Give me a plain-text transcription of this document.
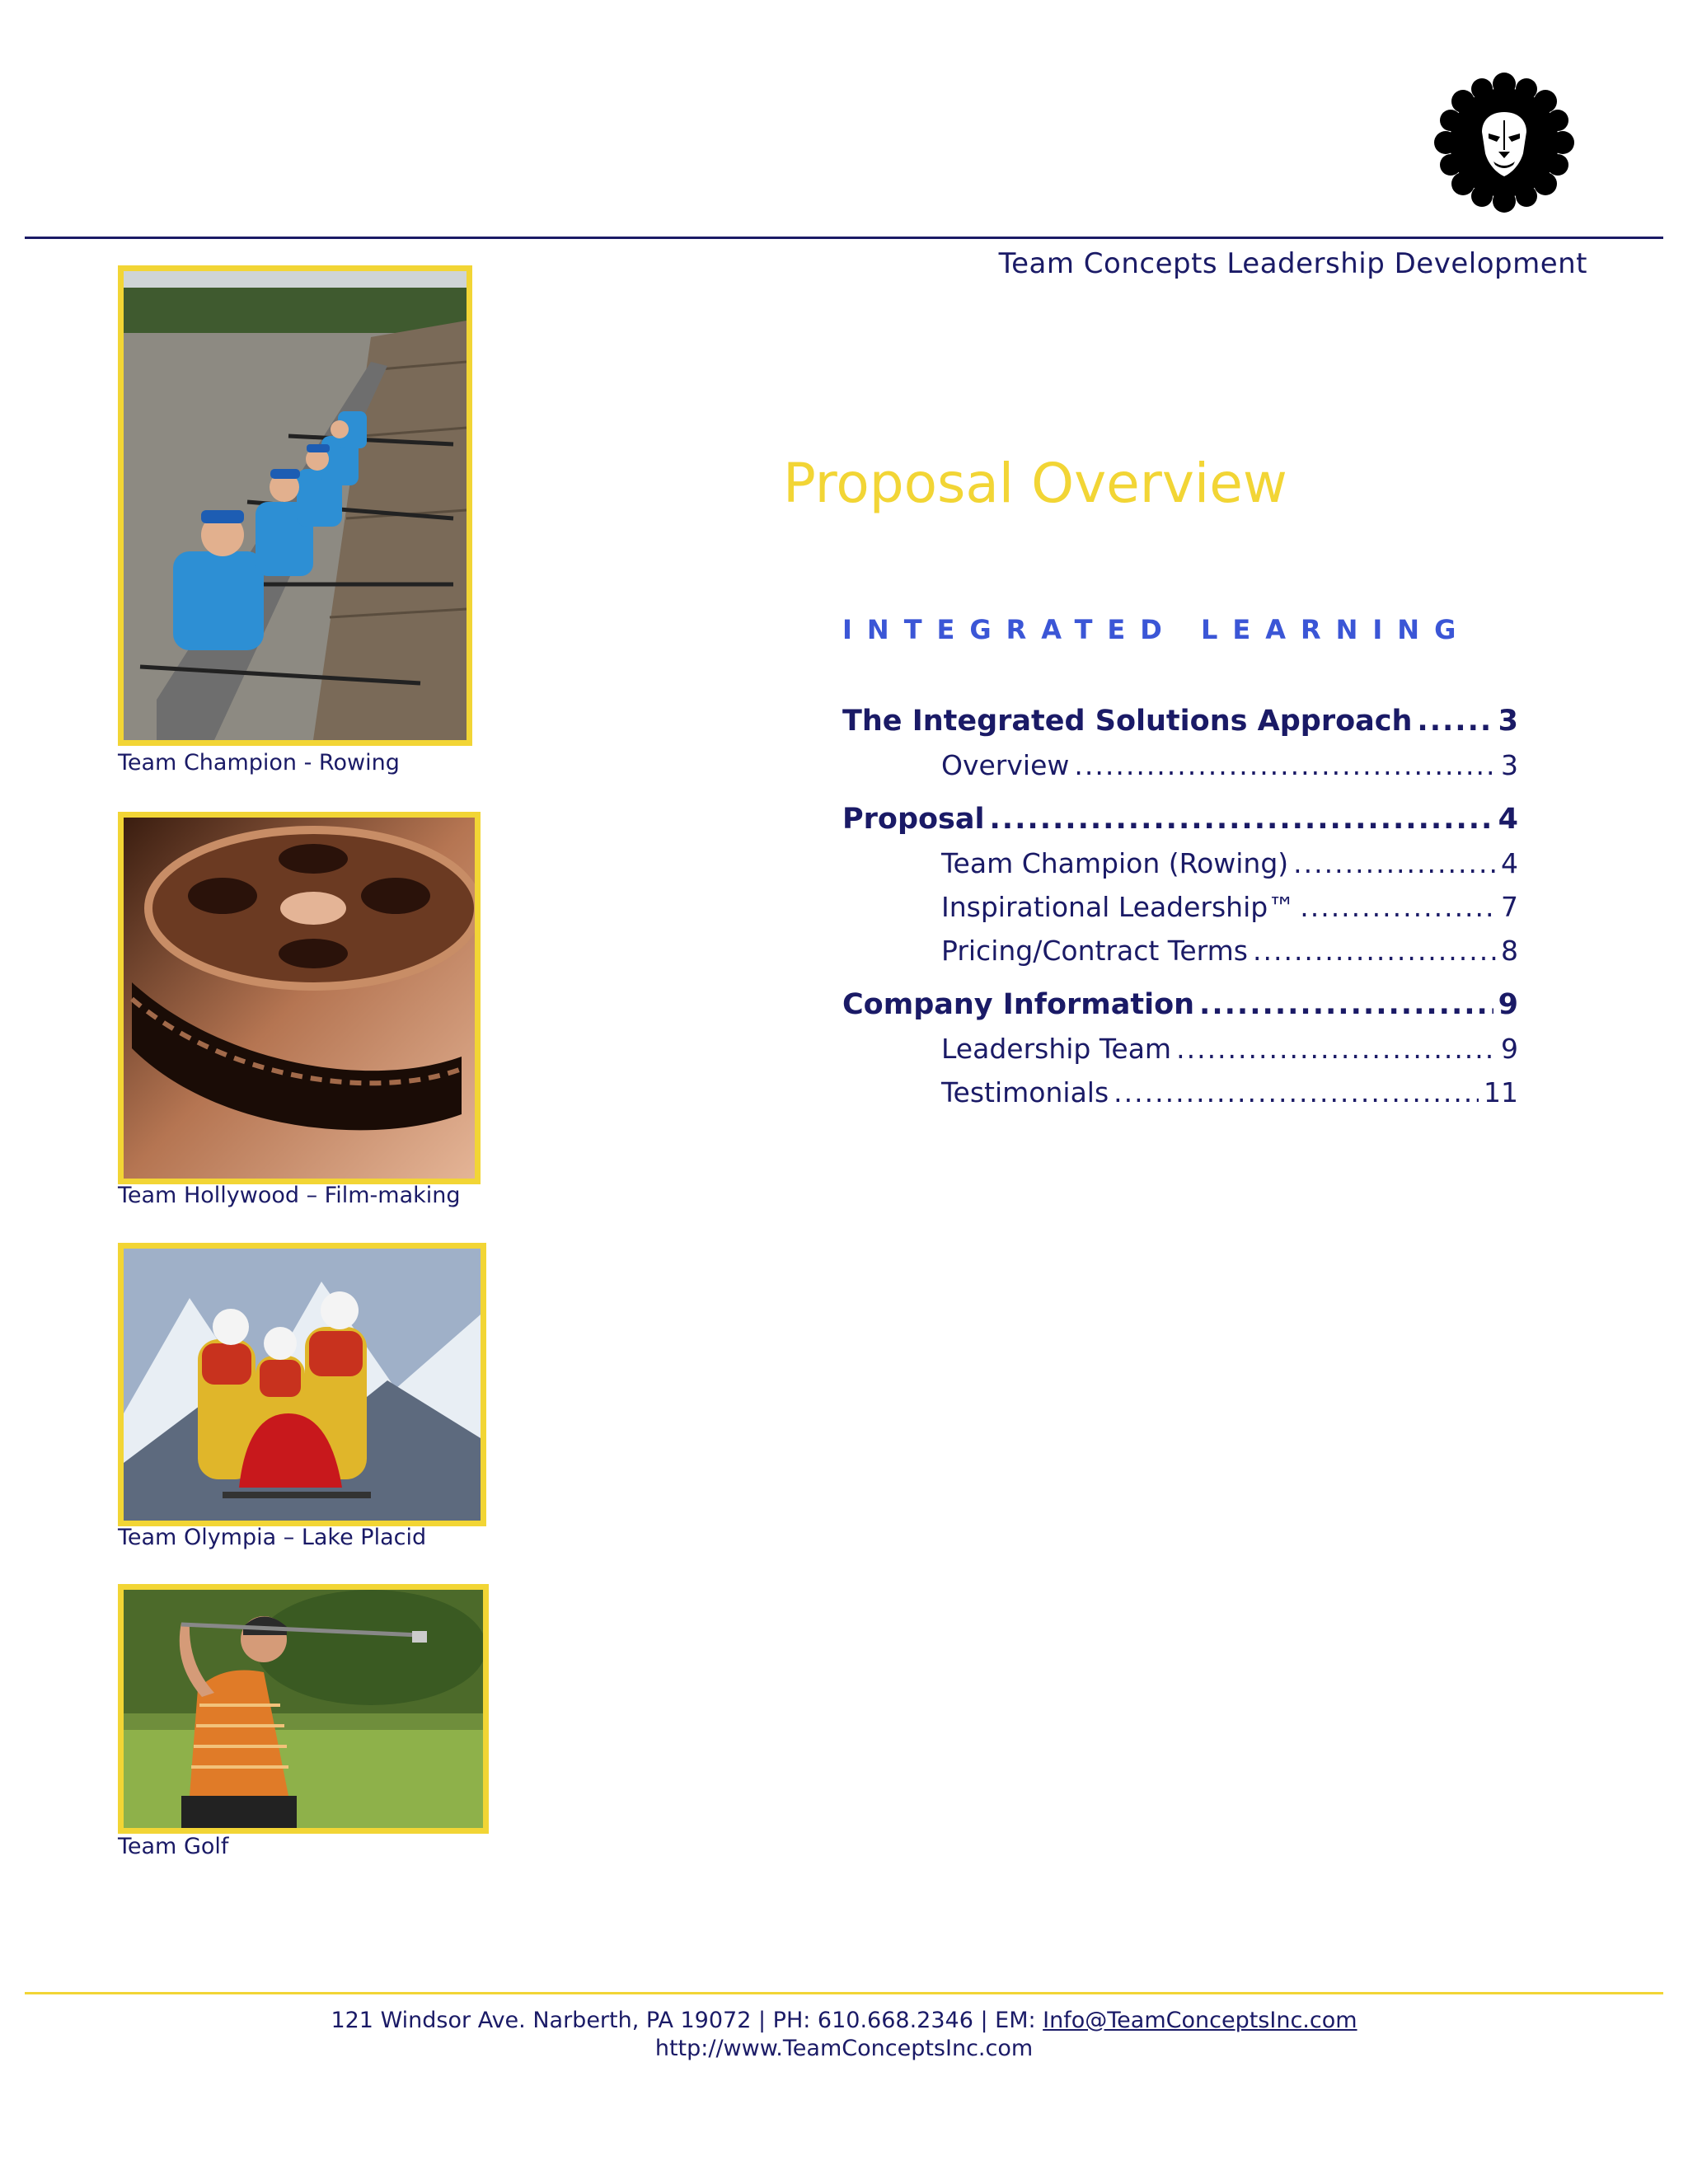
Team Concepts Leadership Development
Team Champion - Rowing
Team Hollywood – Film-making
Team Olympia – Lake Placid
Team Golf
Proposal Overview
INTEGRATED LEARNING
The Integrated Solutions Approach .....	3
Overview .....	3
Proposal .....	4
Team Champion (Rowing) .....	4
Inspirational Leadership™ .....	7
Pricing/Contract Terms .....	8
Company Information .....	9
Leadership Team .....	9
Testimonials .....	11
121 Windsor Ave. Narberth, PA 19072 | PH: 610.668.2346 | EM: Info@TeamConceptsInc.com
http://www.TeamConceptsInc.com
